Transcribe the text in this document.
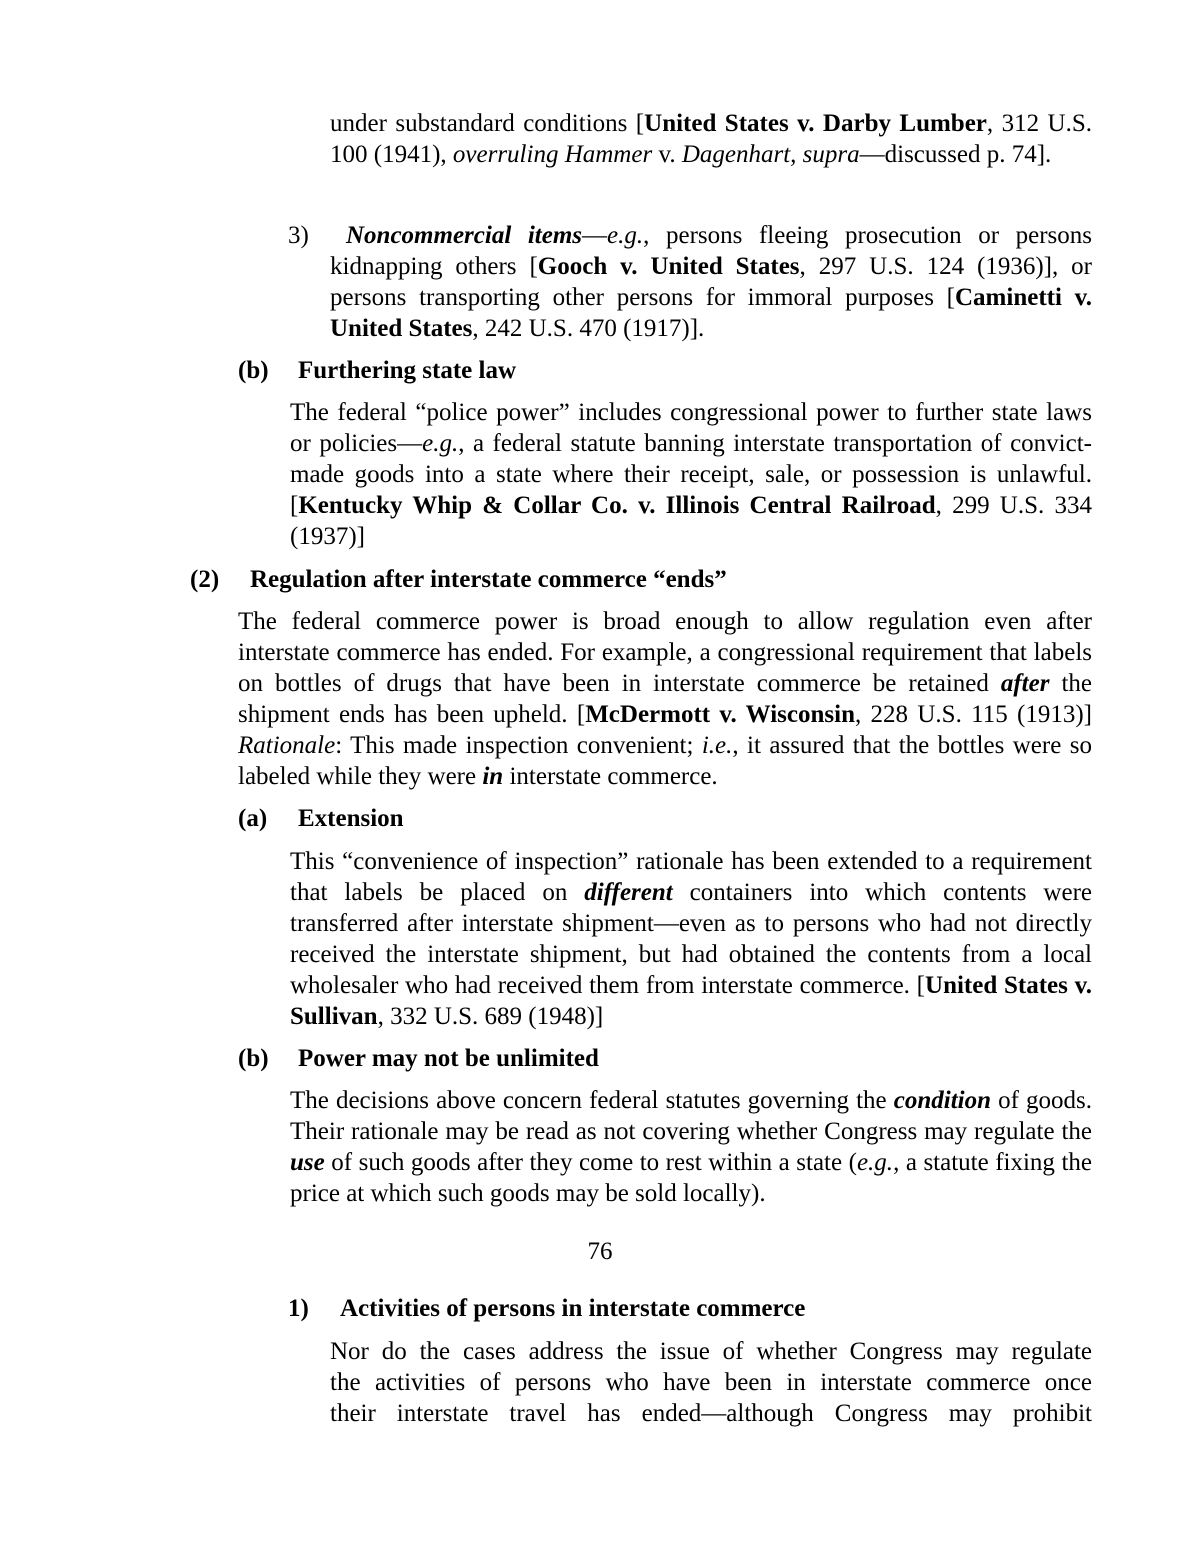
under substandard conditions [United States v. Darby Lumber, 312 U.S. 100 (1941), overruling Hammer v. Dagenhart, supra—discussed p. 74].

3)	Noncommercial items—e.g., persons fleeing prosecution or persons kidnapping others [Gooch v. United States, 297 U.S. 124 (1936)], or persons transporting other persons for immoral purposes [Caminetti v. United States, 242 U.S. 470 (1917)].

(b) Furthering state law

The federal “police power” includes congressional power to further state laws or policies—e.g., a federal statute banning interstate transportation of convict-made goods into a state where their receipt, sale, or possession is unlawful. [Kentucky Whip & Collar Co. v. Illinois Central Railroad, 299 U.S. 334 (1937)]

(2) Regulation after interstate commerce “ends”

The federal commerce power is broad enough to allow regulation even after interstate commerce has ended. For example, a congressional requirement that labels on bottles of drugs that have been in interstate commerce be retained after the shipment ends has been upheld. [McDermott v. Wisconsin, 228 U.S. 115 (1913)] Rationale: This made inspection convenient; i.e., it assured that the bottles were so labeled while they were in interstate commerce.

(a) Extension

This “convenience of inspection” rationale has been extended to a requirement that labels be placed on different containers into which contents were transferred after interstate shipment—even as to persons who had not directly received the interstate shipment, but had obtained the contents from a local wholesaler who had received them from interstate commerce. [United States v. Sullivan, 332 U.S. 689 (1948)]

(b) Power may not be unlimited

The decisions above concern federal statutes governing the condition of goods. Their rationale may be read as not covering whether Congress may regulate the use of such goods after they come to rest within a state (e.g., a statute fixing the price at which such goods may be sold locally).

76
1) Activities of persons in interstate commerce
Nor do the cases address the issue of whether Congress may regulate
the activities of persons who have been in interstate commerce once
their interstate travel has ended—although Congress may prohibit
